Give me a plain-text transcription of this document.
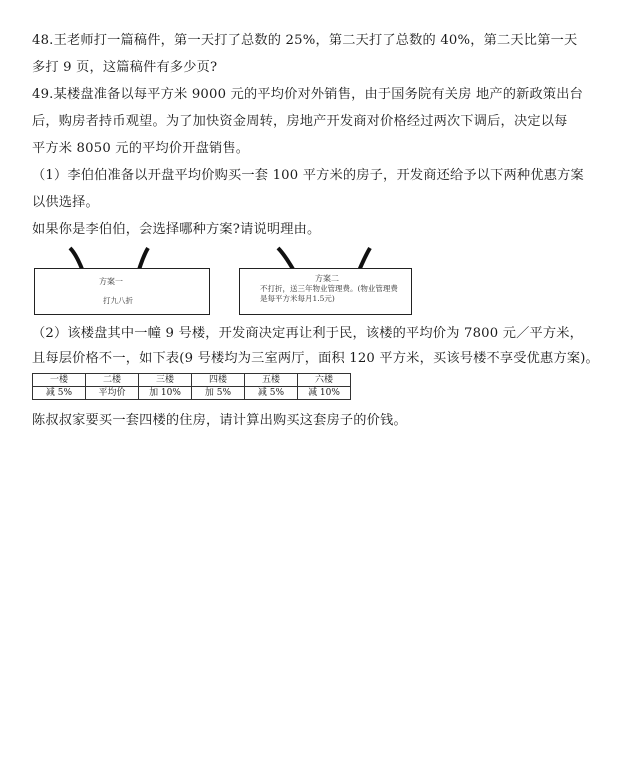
48.王老师打一篇稿件，第一天打了总数的 25%，第二天打了总数的 40%，第二天比第一天
多打 9 页，这篇稿件有多少页?
49.某楼盘准备以每平方米 9000 元的平均价对外销售，由于国务院有关房 地产的新政策出台
后，购房者持币观望。为了加快资金周转，房地产开发商对价格经过两次下调后，决定以每
平方米 8050 元的平均价开盘销售。
（1）李伯伯准备以开盘平均价购买一套 100 平方米的房子，开发商还给予以下两种优惠方案
以供选择。
如果你是李伯伯，会选择哪种方案?请说明理由。
方案一
打九八折
方案二
不打折，送三年物业管理费。(物业管理费是每平方米每月1.5元)
（2）该楼盘其中一幢 9 号楼，开发商决定再让利于民，该楼的平均价为 7800 元／平方米，
且每层价格不一，如下表(9 号楼均为三室两厅，面积 120 平方米，买该号楼不享受优惠方案)。
一楼	二楼	三楼	四楼	五楼	六楼
减 5%	平均价	加 10%	加 5%	减 5%	减 10%
陈叔叔家要买一套四楼的住房，请计算出购买这套房子的价钱。
